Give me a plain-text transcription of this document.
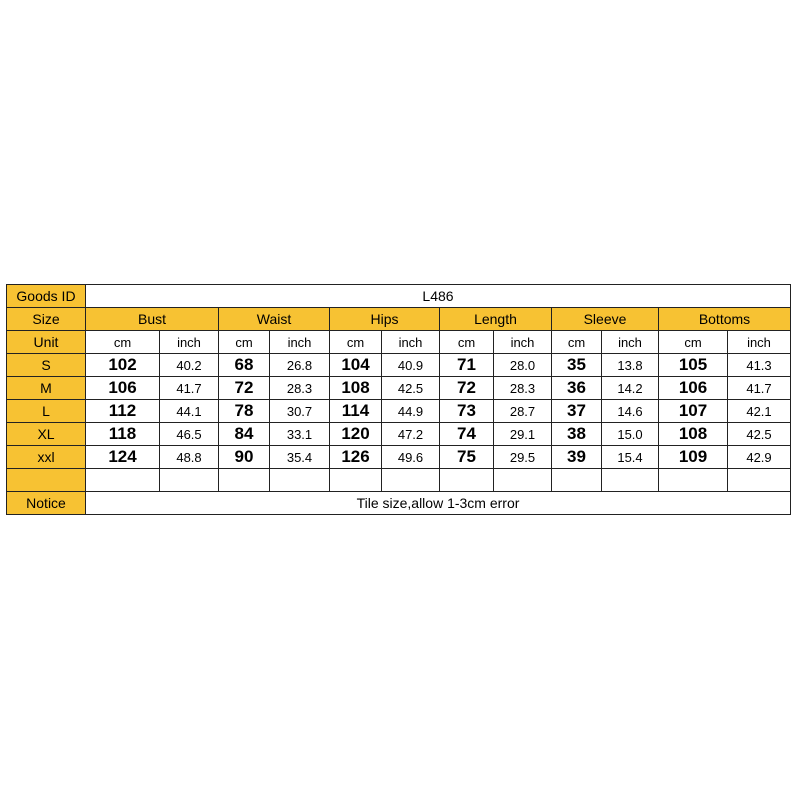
Goods ID	L486											
Size	Bust		Waist		Hips		Length		Sleeve		Bottoms	
Unit	cm	inch	cm	inch	cm	inch	cm	inch	cm	inch	cm	inch
S	102	40.2	68	26.8	104	40.9	71	28.0	35	13.8	105	41.3
M	106	41.7	72	28.3	108	42.5	72	28.3	36	14.2	106	41.7
L	112	44.1	78	30.7	114	44.9	73	28.7	37	14.6	107	42.1
XL	118	46.5	84	33.1	120	47.2	74	29.1	38	15.0	108	42.5
xxl	124	48.8	90	35.4	126	49.6	75	29.5	39	15.4	109	42.9

Notice	Tile size,allow 1-3cm error											
